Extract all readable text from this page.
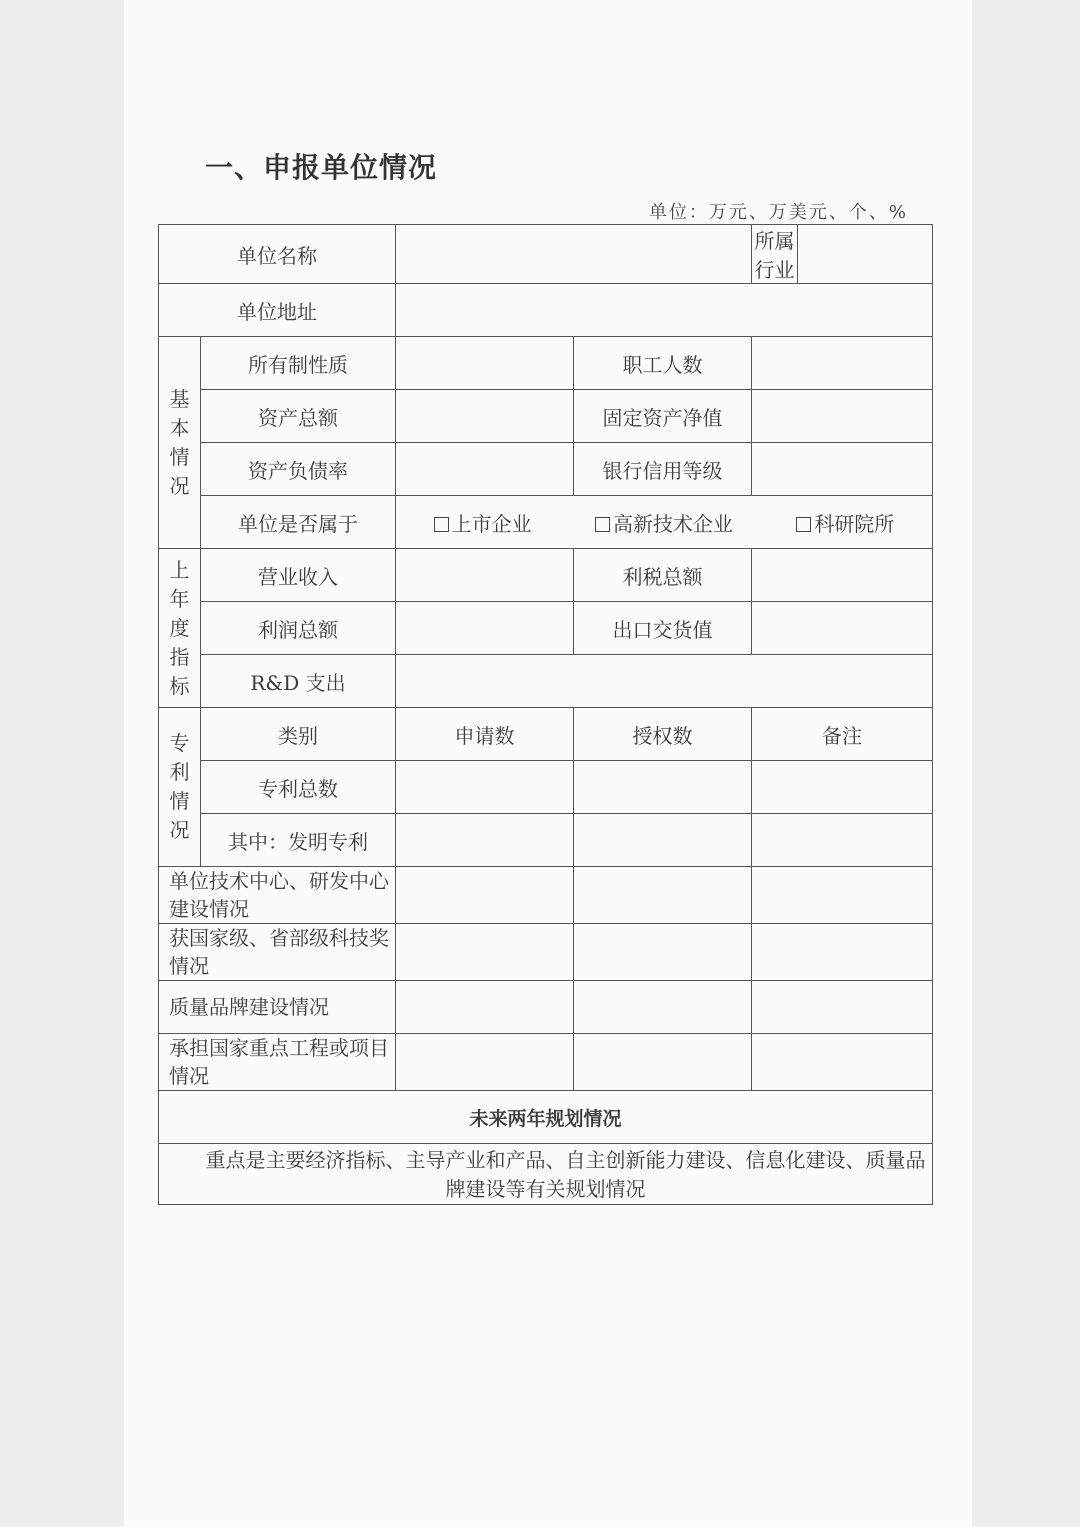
一、申报单位情况
单位：万元、万美元、个、%
单位名称				所属行业	
单位地址					
基本情况	所有制性质		职工人数		
	资产总额		固定资产净值		
	资产负债率		银行信用等级		
	单位是否属于	上市企业 高新技术企业 科研院所			

上年度指标	营业收入		利税总额		
	利润总额		出口交货值		
	R&D 支出				
专利情况	类别	申请数	授权数	备注	
	专利总数				
	其中：发明专利				
单位技术中心、研发中心建设情况					
获国家级、省部级科技奖情况					
质量品牌建设情况					
承担国家重点工程或项目情况					
未来两年规划情况					

重点是主要经济指标、主导产业和产品、自主创新能力建设、信息化建设、质量品牌建设等有关规划情况					
